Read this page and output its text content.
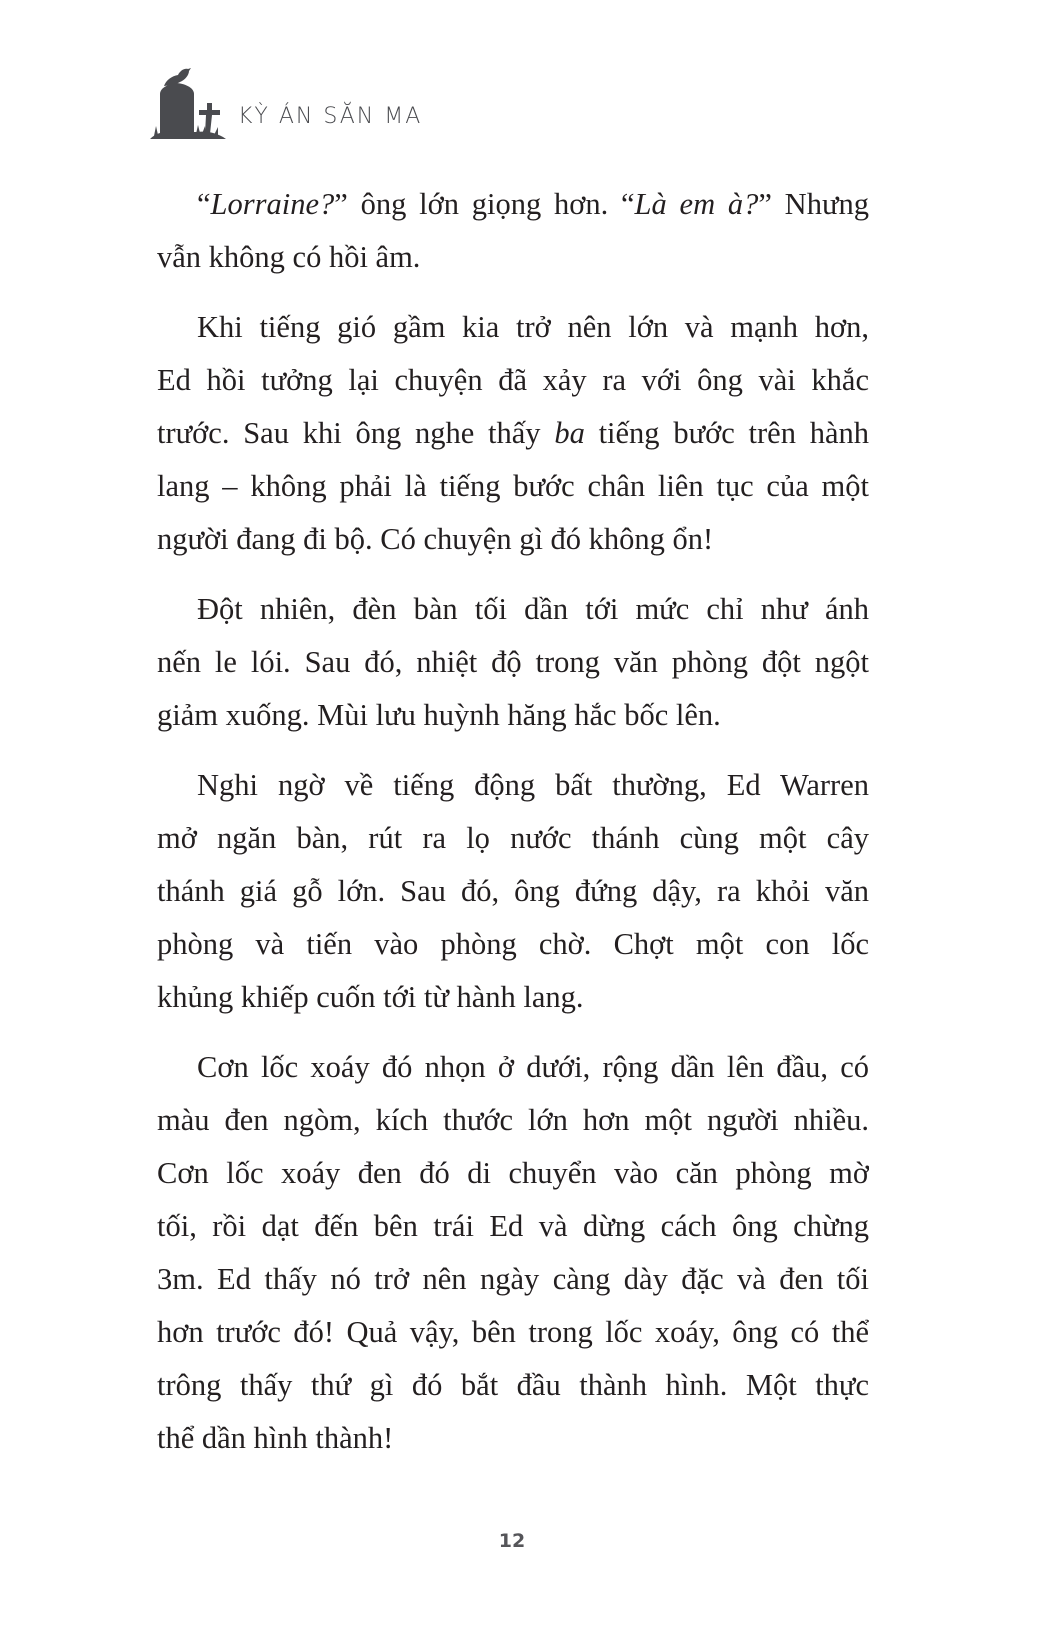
KỲ ÁN SĂN MA
“Lorraine?” ông lớn giọng hơn. “Là em à?” Nhưng
vẫn không có hồi âm.
Khi tiếng gió gầm kia trở nên lớn và mạnh hơn,
Ed hồi tưởng lại chuyện đã xảy ra với ông vài khắc
trước. Sau khi ông nghe thấy ba tiếng bước trên hành
lang – không phải là tiếng bước chân liên tục của một
người đang đi bộ. Có chuyện gì đó không ổn!
Đột nhiên, đèn bàn tối dần tới mức chỉ như ánh
nến le lói. Sau đó, nhiệt độ trong văn phòng đột ngột
giảm xuống. Mùi lưu huỳnh hăng hắc bốc lên.
Nghi ngờ về tiếng động bất thường, Ed Warren
mở ngăn bàn, rút ra lọ nước thánh cùng một cây
thánh giá gỗ lớn. Sau đó, ông đứng dậy, ra khỏi văn
phòng và tiến vào phòng chờ. Chợt một con lốc
khủng khiếp cuốn tới từ hành lang.
Cơn lốc xoáy đó nhọn ở dưới, rộng dần lên đầu, có
màu đen ngòm, kích thước lớn hơn một người nhiều.
Cơn lốc xoáy đen đó di chuyển vào căn phòng mờ
tối, rồi dạt đến bên trái Ed và dừng cách ông chừng
3m. Ed thấy nó trở nên ngày càng dày đặc và đen tối
hơn trước đó! Quả vậy, bên trong lốc xoáy, ông có thể
trông thấy thứ gì đó bắt đầu thành hình. Một thực
thể dần hình thành!
12
